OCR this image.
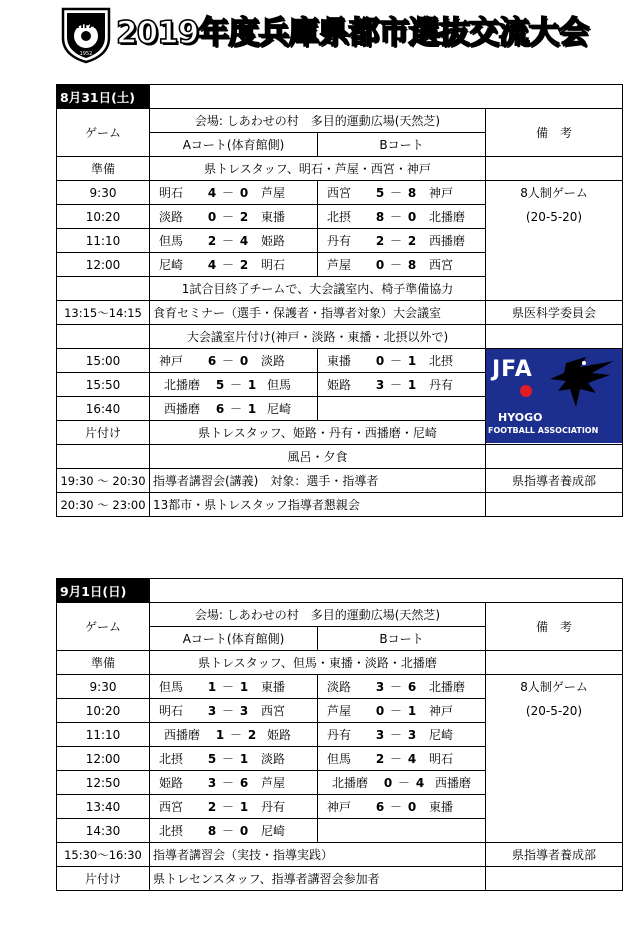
HFA
1952
2019年度兵庫県都市選抜交流大会
8月31日(土)			
ゲーム	会場: しあわせの村　多目的運動広場(天然芝)		備　考
	Aコート(体育館側)	Bコート	
準備	県トレスタッフ、明石・芦屋・西宮・神戸		
9:30	明石 4 － 0 芦屋	西宮 5 － 8 神戸	8人制ゲーム
10:20	淡路 0 － 2 東播	北摂 8 － 0 北播磨	(20-5-20)
11:10	但馬 2 － 4 姫路	丹有 2 － 2 西播磨	

12:00	尼崎 4 － 2 明石	芦屋 0 － 8 西宮	

	1試合目終了チームで、大会議室内、椅子準備協力		
13:15〜14:15	食育セミナー（選手・保護者・指導者対象）大会議室		県医科学委員会
	大会議室片付け(神戸・淡路・東播・北摂以外で)		
15:00	神戸 6 － 0 淡路	東播 0 － 1 北摂	JFA
HYOGO
FOOTBALL ASSOCIATION

15:50	北播磨 5 － 1 但馬	姫路 3 － 1 丹有	

16:40	西播磨 6 － 1 尼崎		

片付け	県トレスタッフ、姫路・丹有・西播磨・尼崎		
	風呂・夕食		
19:30 〜 20:30	指導者講習会(講義)　対象：選手・指導者		県指導者養成部
20:30 〜 23:00	13都市・県トレスタッフ指導者懇親会		
9月1日(日)			
ゲーム	会場: しあわせの村　多目的運動広場(天然芝)		備　考
	Aコート(体育館側)	Bコート	
準備	県トレスタッフ、但馬・東播・淡路・北播磨		
9:30	但馬 1 － 1 東播	淡路 3 － 6 北播磨	8人制ゲーム
10:20	明石 3 － 3 西宮	芦屋 0 － 1 神戸	(20-5-20)
11:10	西播磨 1 － 2 姫路	丹有 3 － 3 尼崎	

12:00	北摂 5 － 1 淡路	但馬 2 － 4 明石	

12:50	姫路 3 － 6 芦屋	北播磨 0 － 4 西播磨	

13:40	西宮 2 － 1 丹有	神戸 6 － 0 東播	

14:30	北摂 8 － 0 尼崎		

15:30〜16:30	指導者講習会（実技・指導実践）		県指導者養成部
片付け	県トレセンスタッフ、指導者講習会参加者		
